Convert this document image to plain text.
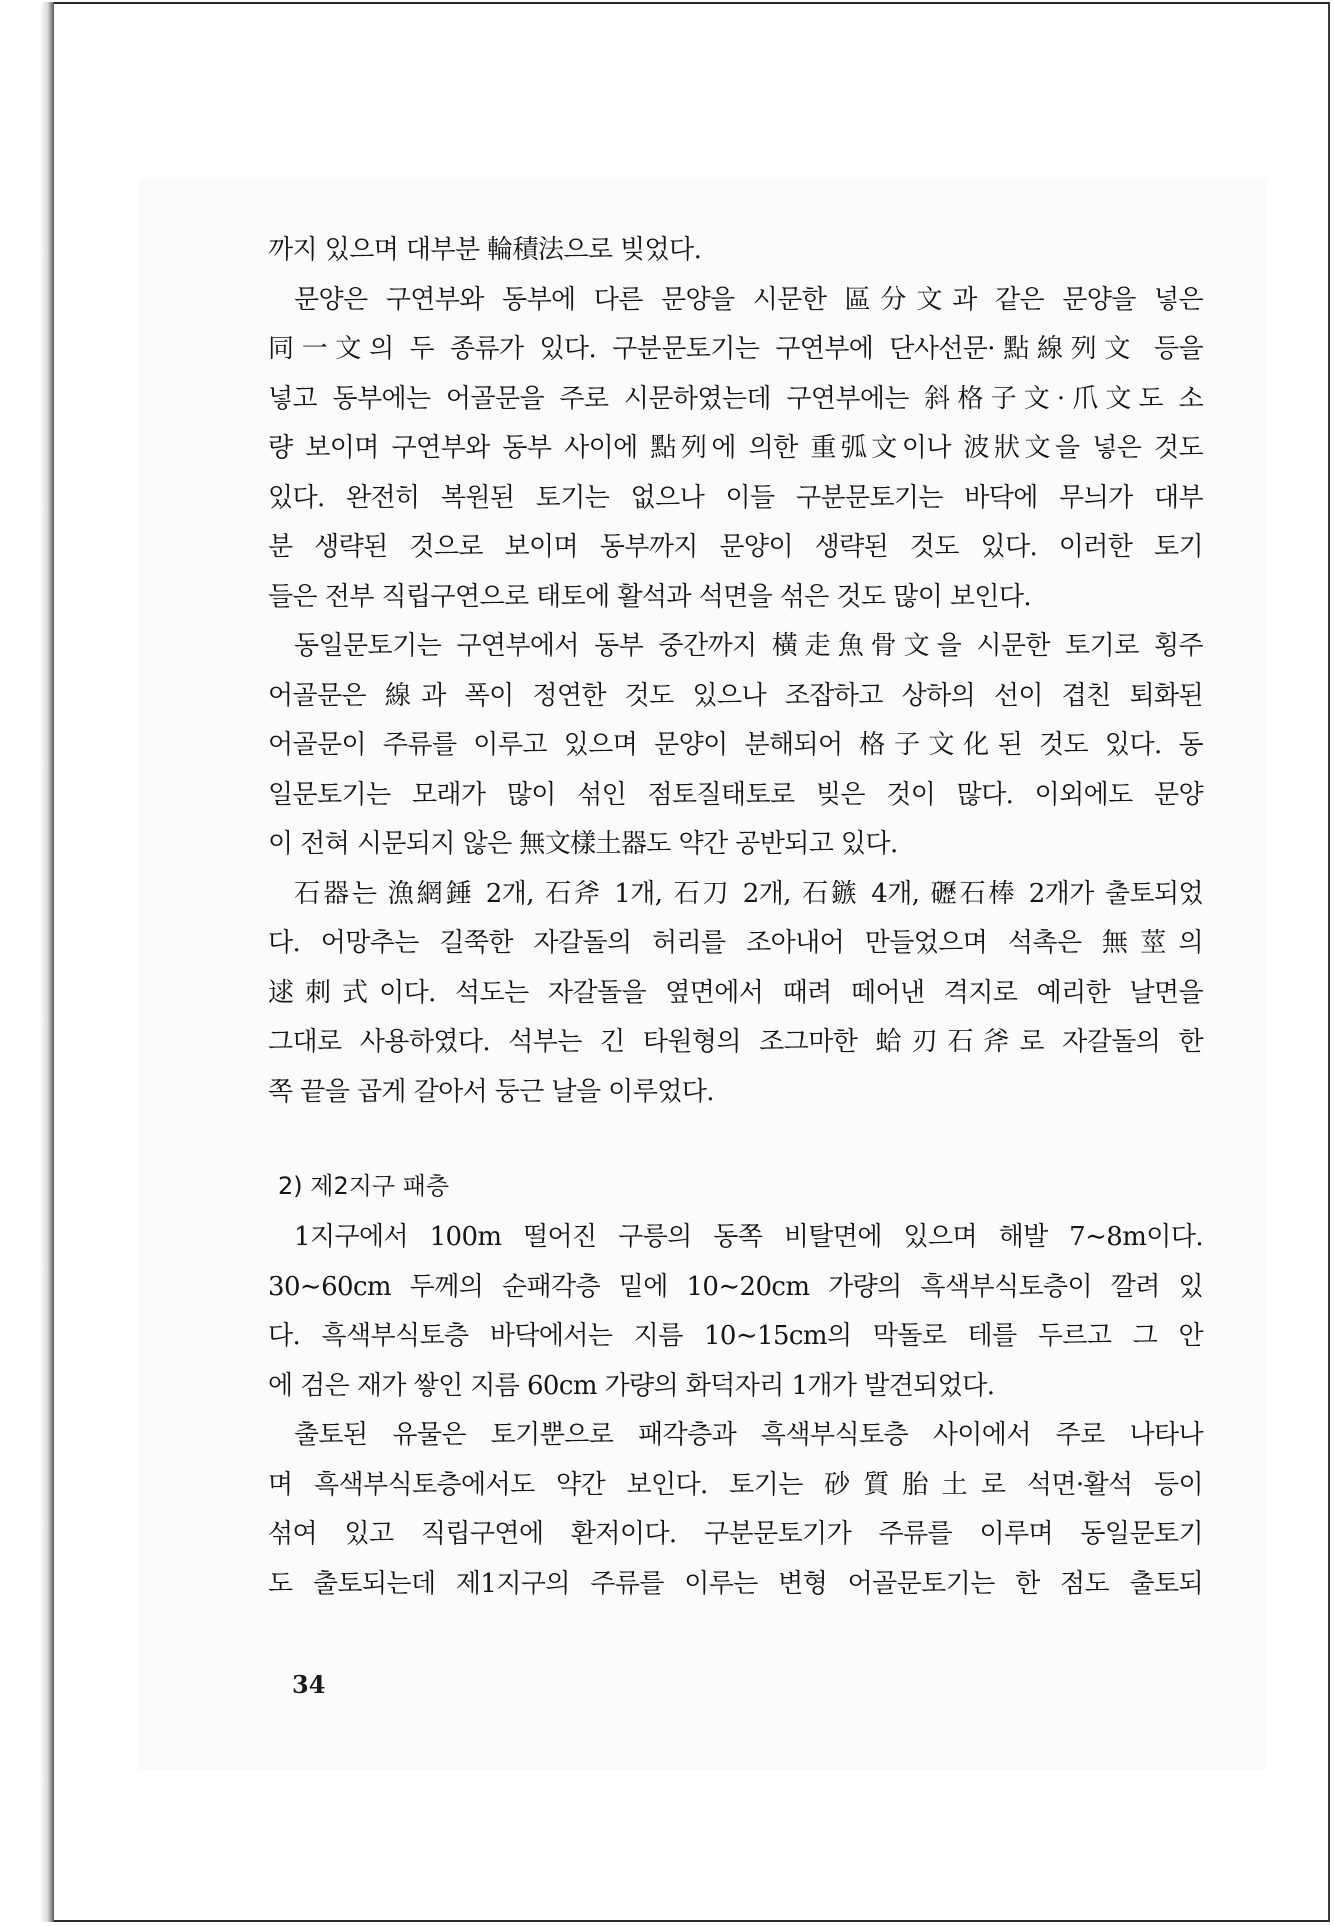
까지 있으며 대부분 輪積法으로 빚었다.
문양은 구연부와 동부에 다른 문양을 시문한 區分文과 같은 문양을 넣은
同一文의 두 종류가 있다. 구분문토기는 구연부에 단사선문·點線列文 등을
넣고 동부에는 어골문을 주로 시문하였는데 구연부에는 斜格子文·爪文도 소
량 보이며 구연부와 동부 사이에 點列에 의한 重弧文이나 波狀文을 넣은 것도
있다. 완전히 복원된 토기는 없으나 이들 구분문토기는 바닥에 무늬가 대부
분 생략된 것으로 보이며 동부까지 문양이 생략된 것도 있다. 이러한 토기
들은 전부 직립구연으로 태토에 활석과 석면을 섞은 것도 많이 보인다.
동일문토기는 구연부에서 동부 중간까지 橫走魚骨文을 시문한 토기로 횡주
어골문은 線과 폭이 정연한 것도 있으나 조잡하고 상하의 선이 겹친 퇴화된
어골문이 주류를 이루고 있으며 문양이 분해되어 格子文化된 것도 있다. 동
일문토기는 모래가 많이 섞인 점토질태토로 빚은 것이 많다. 이외에도 문양
이 전혀 시문되지 않은 無文樣土器도 약간 공반되고 있다.
石器는 漁網錘 2개, 石斧 1개, 石刀 2개, 石鏃 4개, 礰石棒 2개가 출토되었
다. 어망추는 길쭉한 자갈돌의 허리를 조아내어 만들었으며 석촉은 無莖의
逑刺式이다. 석도는 자갈돌을 옆면에서 때려 떼어낸 격지로 예리한 날면을
그대로 사용하였다. 석부는 긴 타원형의 조그마한 蛤刃石斧로 자갈돌의 한
쪽 끝을 곱게 갈아서 둥근 날을 이루었다.
2) 제2지구 패층
1지구에서 100m 떨어진 구릉의 동쪽 비탈면에 있으며 해발 7∼8m이다.
30∼60cm 두께의 순패각층 밑에 10∼20cm 가량의 흑색부식토층이 깔려 있
다. 흑색부식토층 바닥에서는 지름 10∼15cm의 막돌로 테를 두르고 그 안
에 검은 재가 쌓인 지름 60cm 가량의 화덕자리 1개가 발견되었다.
출토된 유물은 토기뿐으로 패각층과 흑색부식토층 사이에서 주로 나타나
며 흑색부식토층에서도 약간 보인다. 토기는 砂質胎土로 석면·활석 등이
섞여 있고 직립구연에 환저이다. 구분문토기가 주류를 이루며 동일문토기
도 출토되는데 제1지구의 주류를 이루는 변형 어골문토기는 한 점도 출토되
34
